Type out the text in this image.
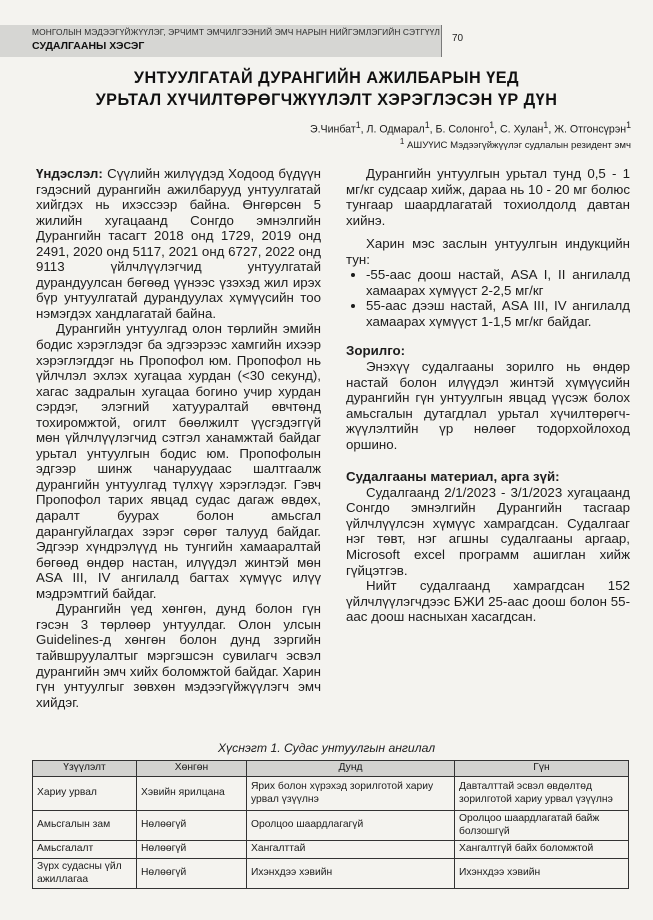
МОНГОЛЫН МЭДЭЭГҮЙЖҮҮЛЭГ, ЭРЧИМТ ЭМЧИЛГЭЭНИЙ ЭМЧ НАРЫН НИЙГЭМЛЭГИЙН СЭТГҮҮЛ
СУДАЛГААНЫ ХЭСЭГ
70
УНТУУЛГАТАЙ ДУРАНГИЙН АЖИЛБАРЫН ҮЕД
УРЬТАЛ ХҮЧИЛТӨРӨГЧЖҮҮЛЭЛТ ХЭРЭГЛЭСЭН ҮР ДҮН
Э.Чинбат$^1$, Л. Одмарал$^1$, Б. Солонго$^1$, С. Хулан$^1$, Ж. Отгонсүрэн$^1$
$^1$ АШУҮИС Мэдээгүйжүүлэг судлалын резидент эмч

Үндэслэл: Сүүлийн жилүүдэд Ходоод бүдүүн гэдэсний дурангийн ажилбарууд унтуулгатай хийгдэх нь ихэссээр байна. Өнгөрсөн 5 жилийн хугацаанд Сонгдо эмнэлгийн Дурангийн тасагт 2018 онд 1729, 2019 онд 2491, 2020 онд 5117, 2021 онд 6727, 2022 онд 9113 үйлчлүүлэгчид унтуулгатай дурандуулсан бөгөөд үүнээс үзэхэд жил ирэх бүр унтуулгатай дурандуулах хүмүүсийн тоо нэмэгдэх хандлагатай байна.

Дурангийн унтуулгад олон төрлийн эмийн бодис хэрэглэдэг ба эдгээрээс хамгийн ихээр хэрэглэгддэг нь Пропофол юм. Пропофол нь үйлчлэл эхлэх хугацаа хурдан (<30 секунд), хагас задралын хугацаа богино учир хурдан сэрдэг, элэгний хатууралтай өвчтөнд тохиромжтой, огилт бөөлжилт үүсгэдэггүй мөн үйлчлүүлэгчид сэтгэл ханамжтай байдаг урьтал унтуулгын бодис юм. Пропофолын эдгээр шинж чанаруудаас шалтгаалж дурангийн унтуулгад түлхүү хэрэглэдэг. Гэвч Пропофол тарих явцад судас дагаж өвдөх, даралт буурах болон амьсгал дарангуйлагдах зэрэг сөрөг талууд байдаг. Эдгээр хүндрэлүүд нь тунгийн хамааралтай бөгөөд өндөр настан, илүүдэл жинтэй мөн ASA III, IV ангилалд багтах хүмүүс илүү мэдрэмтгий байдаг.

Дурангийн үед хөнгөн, дунд болон гүн гэсэн 3 төрлөөр унтуулдаг. Олон улсын Guidelines-д хөнгөн болон дунд зэргийн тайвшруулалтыг мэргэшсэн сувилагч эсвэл дурангийн эмч хийх боломжтой байдаг. Харин гүн унтуулгыг зөвхөн мэдээгүйжүүлэгч эмч хийдэг.

Дурангийн унтуулгын урьтал тунд 0,5 - 1 мг/кг судсаар хийж, дараа нь 10 - 20 мг болюс тунгаар шаардлагатай тохиолдолд давтан хийнэ.

Харин мэс заслын унтуулгын индукцийн тун:

• -55-аас доош настай, ASA I, II ангилалд хамаарах хүмүүст 2-2,5 мг/кг
• 55-аас дээш настай, ASA III, IV ангилалд хамаарах хүмүүст 1-1,5 мг/кг байдаг.

Зорилго:

Энэхүү судалгааны зорилго нь өндөр настай болон илүүдэл жинтэй хүмүүсийн дурангийн гүн унтуулгын явцад үүсэж болох амьсгалын дутагдлал урьтал хүчилтөрөгч-жүүлэлтийн үр нөлөөг тодорхойлоход оршино.

Судалгааны материал, арга зүй:

Судалгаанд 2/1/2023 - 3/1/2023 хугацаанд Сонгдо эмнэлгийн Дурангийн тасгаар үйлчлүүлсэн хүмүүс хамрагдсан. Судалгааг нэг төвт, нэг агшны судалгааны аргаар, Microsoft excel программ ашиглан хийж гүйцэтгэв.

Нийт судалгаанд хамрагдсан 152 үйлчлүүлэгчдээс БЖИ 25-аас доош болон 55-аас доош насныхан хасагдсан.

Хүснэгт 1. Судас унтуулгын ангилал
Үзүүлэлт	Хөнгөн	Дунд	Гүн
Хариу урвал	Хэвийн ярилцана	Ярих болон хүрэхэд зорилготой хариу урвал үзүүлнэ	Давталттай эсвэл өвдөлтөд зорилготой хариу урвал үзүүлнэ
Амьсгалын зам	Нөлөөгүй	Оролцоо шаардлагагүй	Оролцоо шаардлагатай байж болзошгүй
Амьсгалалт	Нөлөөгүй	Хангалттай	Хангалтгүй байх боломжтой
Зүрх судасны үйл ажиллагаа	Нөлөөгүй	Ихэнхдээ хэвийн	Ихэнхдээ хэвийн
